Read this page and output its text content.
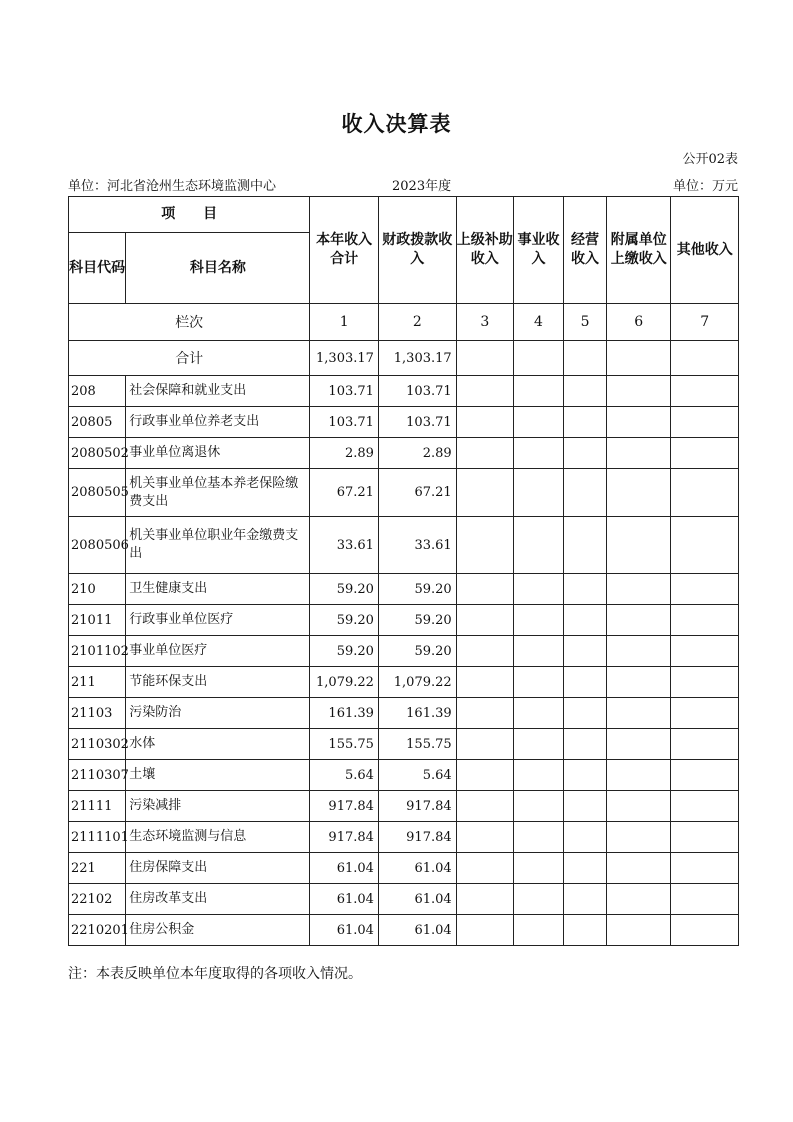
收入决算表
公开02表
单位：河北省沧州生态环境监测中心	2023年度	单位：万元
项　　目		本年收入合计	财政拨款收入	上级补助收入	事业收入	经营收入	附属单位上缴收入	其他收入
科目代码	科目名称							
栏次		1	2	3	4	5	6	7
合计		1,303.17	1,303.17					
208	社会保障和就业支出	103.71	103.71					
20805	行政事业单位养老支出	103.71	103.71					
2080502	事业单位离退休	2.89	2.89					
2080505	机关事业单位基本养老保险缴费支出	67.21	67.21					
2080506	机关事业单位职业年金缴费支出	33.61	33.61					
210	卫生健康支出	59.20	59.20					
21011	行政事业单位医疗	59.20	59.20					
2101102	事业单位医疗	59.20	59.20					
211	节能环保支出	1,079.22	1,079.22					
21103	污染防治	161.39	161.39					
2110302	水体	155.75	155.75					
2110307	土壤	5.64	5.64					
21111	污染减排	917.84	917.84					
2111101	生态环境监测与信息	917.84	917.84					
221	住房保障支出	61.04	61.04					
22102	住房改革支出	61.04	61.04					
2210201	住房公积金	61.04	61.04					
注：本表反映单位本年度取得的各项收入情况。
